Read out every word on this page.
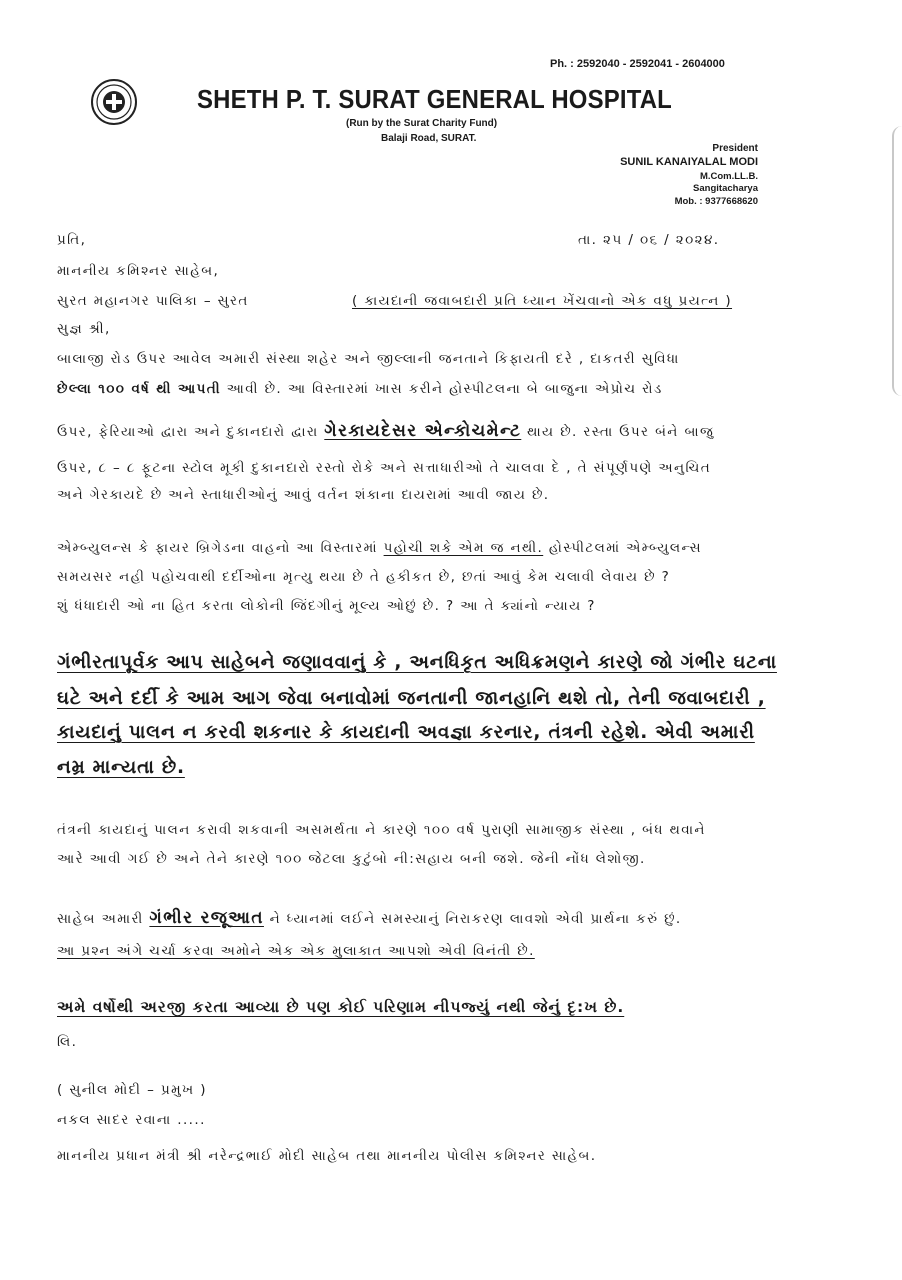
Ph. : 2592040 - 2592041 - 2604000
SHETH P. T. SURAT GENERAL HOSPITAL
(Run by the Surat Charity Fund)
Balaji Road, SURAT.
President
SUNIL KANAIYALAL MODI
M.Com.LL.B.
Sangitacharya
Mob. : 9377668620
પ્રતિ,	તા. ૨૫ / ૦૬ / ૨૦૨૪.
માનનીય કમિશ્નર સાહેબ,
સુરત મહાનગર પાલિકા – સુરત	( કાયદાની જવાબદારી પ્રતિ ધ્યાન ખેંચવાનો એક વધુ પ્રયત્ન )
સુજ્ઞ શ્રી,
બાલાજી રોડ ઉપર આવેલ અમારી સંસ્થા શહેર અને જીલ્લાની જનતાને કિફાયતી દરે , દાકતરી સુવિધા
છેલ્લા ૧૦૦ વર્ષ થી આપતી આવી છે. આ વિસ્તારમાં ખાસ કરીને હોસ્પીટલના બે બાજુના એપ્રોચ રોડ
ઉપર, ફેરિયાઓ દ્વારા અને દુકાનદારો દ્વારા ગેરકાયદેસર એન્કોચમેન્ટ થાય છે. રસ્તા ઉપર બંને બાજુ
ઉપર, ૮ – ૮ ફૂટના સ્ટોલ મૂકી દુકાનદારો રસ્તો રોકે અને સત્તાધારીઓ તે ચાલવા દે , તે સંપૂર્ણપણે અનુચિત
અને ગેરકાયદે છે અને સ્તાધારીઓનું આવું વર્તન શંકાના દાયરામાં આવી જાય છે.
એમ્બ્યુલન્સ કે ફાયર બ્રિગેડના વાહનો આ વિસ્તારમાં પહોચી શકે એમ જ નથી. હોસ્પીટલમાં એમ્બ્યુલન્સ
સમયસર નહી પહોચવાથી દર્દીઓના મૃત્યુ થયા છે તે હકીકત છે, છતાં આવું કેમ ચલાવી લેવાય છે ?
શું ધંધાદારી ઓ ના હિત કરતા લોકોની જિંદગીનું મૂલ્ય ઓછું છે. ? આ તે ક્યાંનો ન્યાય ?
ગંભીરતાપૂર્વક આપ સાહેબને જણાવવાનું કે , અનધિકૃત અધિક્રમણને કારણે જો ગંભીર ઘટના
ઘટે અને દર્દી કે આમ આગ જેવા બનાવોમાં જનતાની જાનહાનિ થશે તો, તેની જવાબદારી ,
કાયદાનું પાલન ન કરવી શકનાર કે કાયદાની અવજ્ઞા કરનાર, તંત્રની રહેશે. એવી અમારી
નમ્ર માન્યતા છે.
તંત્રની કાયદાનું પાલન કરાવી શકવાની અસમર્થતા ને કારણે ૧૦૦ વર્ષ પુરાણી સામાજીક સંસ્થા , બંધ થવાને
આરે આવી ગઈ છે અને તેને કારણે ૧૦૦ જેટલા કુટુંબો ની:સહાય બની જશે. જેની નોંધ લેશોજી.
સાહેબ અમારી ગંભીર રજૂઆત ને ધ્યાનમાં લઈને સમસ્યાનું નિરાકરણ લાવશો એવી પ્રાર્થના કરું છું.
આ પ્રશ્ન અંગે ચર્ચા કરવા અમોને એક એક મુલાકાત આપશો એવી વિનંતી છે.
અમે વર્ષોથી અરજી કરતા આવ્યા છે પણ કોઈ પરિણામ નીપજ્યું નથી જેનું દૃ:ખ છે.
લિ.
( સુનીલ મોદી – પ્રમુખ )
નકલ સાદર રવાના .....
માનનીય પ્રધાન મંત્રી શ્રી નરેન્દ્રભાઈ મોદી સાહેબ તથા માનનીય પોલીસ કમિશ્નર સાહેબ.
